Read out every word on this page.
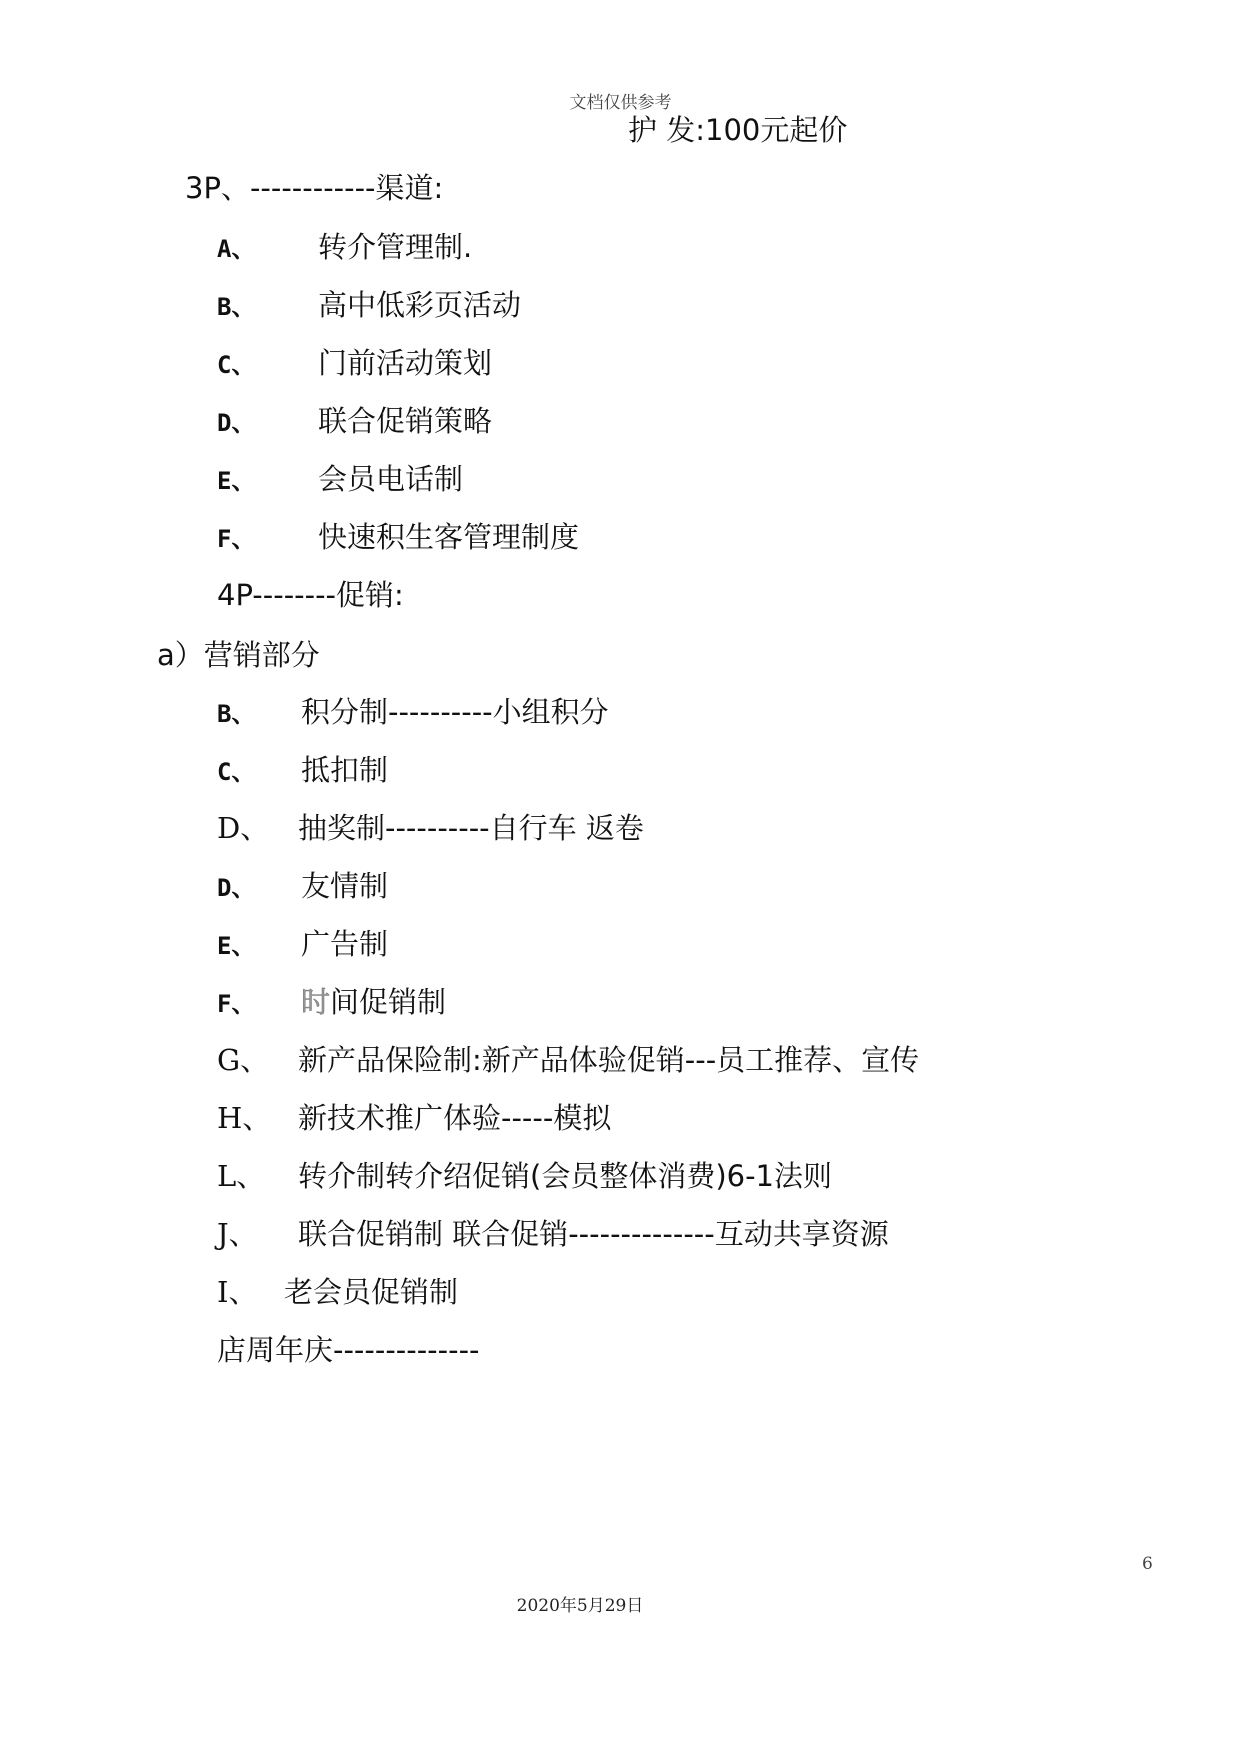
文档仅供参考
护 发:100元起价
3P、------------渠道:
A、 转介管理制.
B、 高中低彩页活动
C、 门前活动策划
D、 联合促销策略
E、 会员电话制
F、 快速积生客管理制度
4P--------促销:
a）营销部分
B、 积分制----------小组积分
C、 抵扣制
D、 抽奖制----------自行车 返卷
D、 友情制
E、 广告制
F、 时间促销制
G、 新产品保险制:新产品体验促销---员工推荐、宣传
H、 新技术推广体验-----模拟
L、 转介制转介绍促销(会员整体消费)6-1法则
J、 联合促销制 联合促销--------------互动共享资源
I、 老会员促销制
店周年庆--------------
6
2020年5月29日
